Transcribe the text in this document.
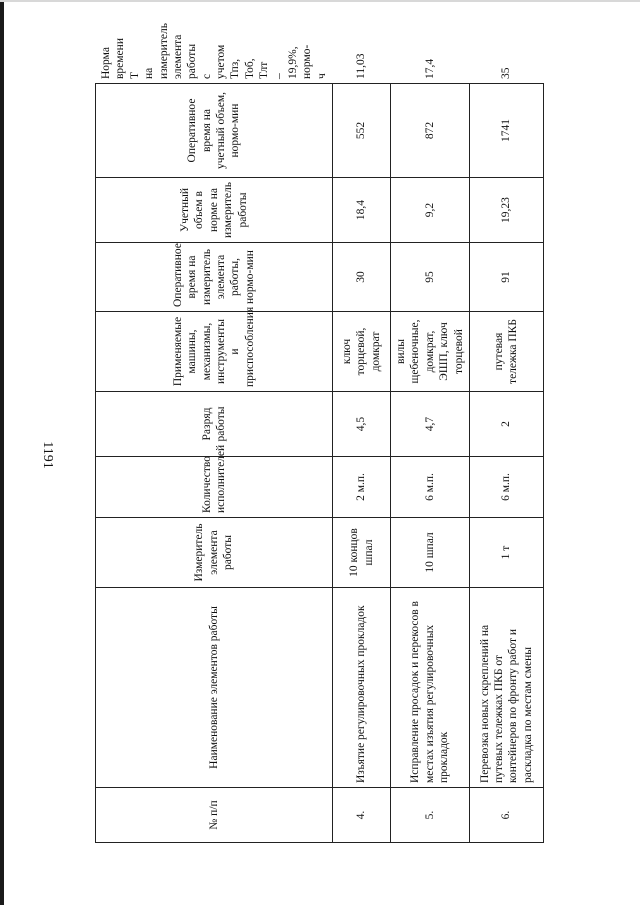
1191
№ п/п	Наименование элементов работы	Измеритель элемента работы	Количество исполнителей	Разряд работы	Применяемые машины, механизмы, инструменты и приспособления	Оперативное время на измеритель элемента работы, нормо-мин	Учетный объем в норме на измеритель работы	Оперативное время на учетный объем, нормо-мин	Норма времени Т на измеритель элемента работы с учетом Тпз, Тоб, Тлт – 19,9%, нормо-ч
4.	Изъятие регулировочных прокладок	10 концов шпал	2 м.п.	4,5	ключ торцевой, домкрат	30	18,4	552	11,03
5.	Исправление просадок и перекосов в местах изъятия регулировочных прокладок	10 шпал	6 м.п.	4,7	вилы щебеночные, домкрат, ЭШП, ключ торцевой	95	9,2	872	17,4
6.	Перевозка новых скреплений на путевых тележках ПКБ от контейнеров по фронту работ и раскладка по местам смены	1 т	6 м.п.	2	путевая тележка ПКБ	91	19,23	1741	35
